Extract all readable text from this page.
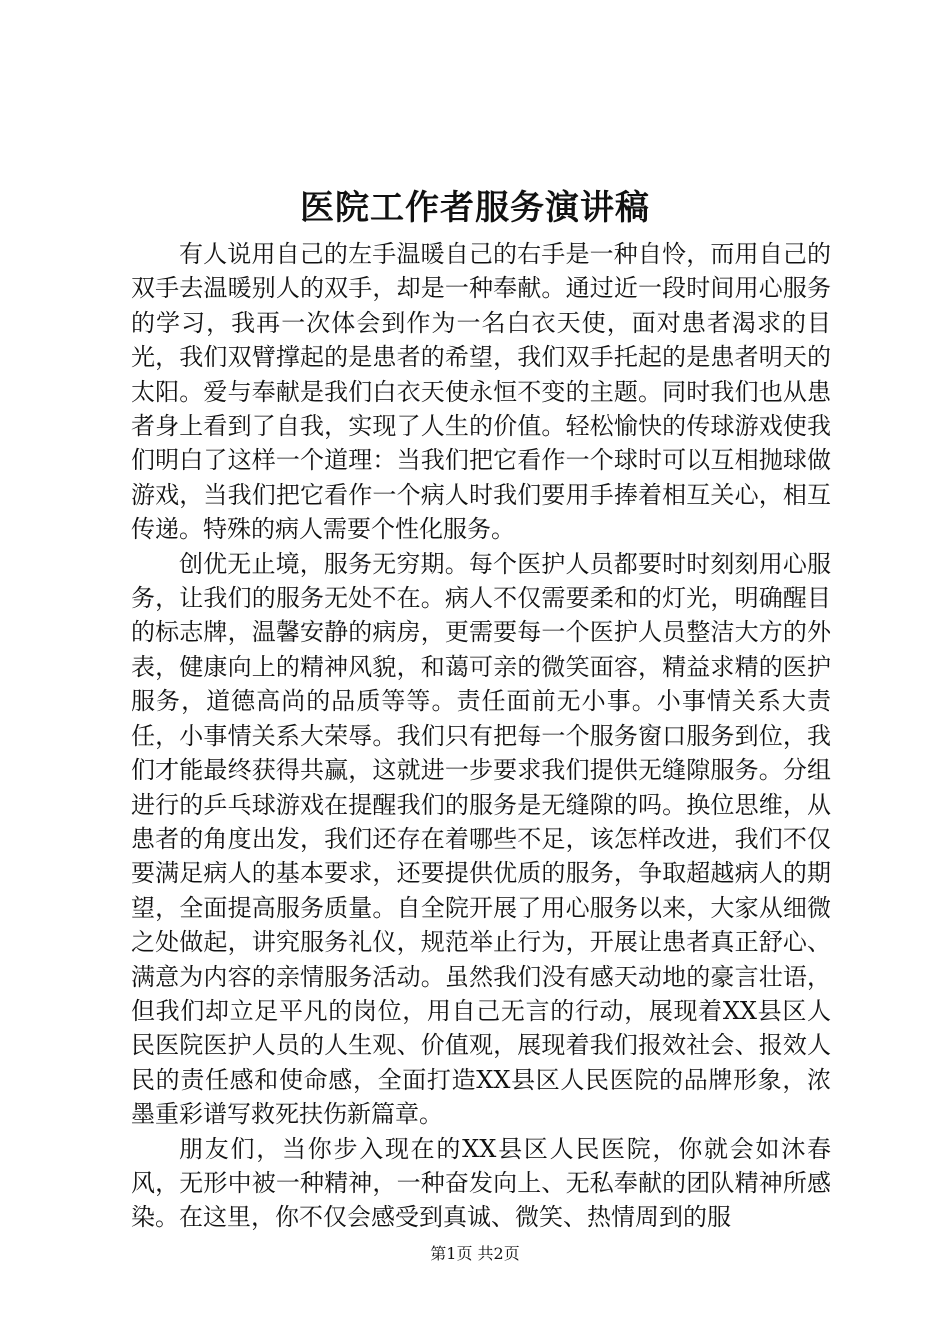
医院工作者服务演讲稿

有人说用自己的左手温暖自己的右手是一种自怜，而用自己的双手去温暖别人的双手，却是一种奉献。通过近一段时间用心服务的学习，我再一次体会到作为一名白衣天使，面对患者渴求的目光，我们双臂撑起的是患者的希望，我们双手托起的是患者明天的太阳。爱与奉献是我们白衣天使永恒不变的主题。同时我们也从患者身上看到了自我，实现了人生的价值。轻松愉快的传球游戏使我们明白了这样一个道理：当我们把它看作一个球时可以互相抛球做游戏，当我们把它看作一个病人时我们要用手捧着相互关心，相互传递。特殊的病人需要个性化服务。

创优无止境，服务无穷期。每个医护人员都要时时刻刻用心服务，让我们的服务无处不在。病人不仅需要柔和的灯光，明确醒目的标志牌，温馨安静的病房，更需要每一个医护人员整洁大方的外表，健康向上的精神风貌，和蔼可亲的微笑面容，精益求精的医护服务，道德高尚的品质等等。责任面前无小事。小事情关系大责任，小事情关系大荣辱。我们只有把每一个服务窗口服务到位，我们才能最终获得共赢，这就进一步要求我们提供无缝隙服务。分组进行的乒乓球游戏在提醒我们的服务是无缝隙的吗。换位思维，从患者的角度出发，我们还存在着哪些不足，该怎样改进，我们不仅要满足病人的基本要求，还要提供优质的服务，争取超越病人的期望，全面提高服务质量。自全院开展了用心服务以来，大家从细微之处做起，讲究服务礼仪，规范举止行为，开展让患者真正舒心、满意为内容的亲情服务活动。虽然我们没有感天动地的豪言壮语，但我们却立足平凡的岗位，用自己无言的行动，展现着XX县区人民医院医护人员的人生观、价值观，展现着我们报效社会、报效人民的责任感和使命感，全面打造XX县区人民医院的品牌形象，浓墨重彩谱写救死扶伤新篇章。

朋友们，当你步入现在的XX县区人民医院，你就会如沐春风，无形中被一种精神，一种奋发向上、无私奉献的团队精神所感染。在这里，你不仅会感受到真诚、微笑、热情周到的服

第1页 共2页
